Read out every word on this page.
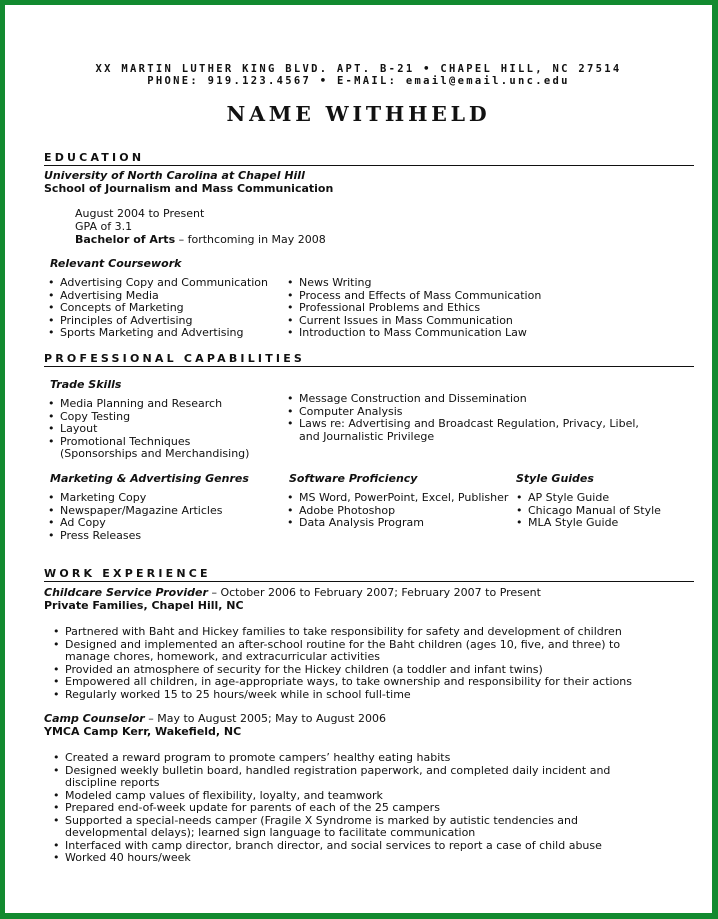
XX MARTIN LUTHER KING BLVD. APT. B-21 • CHAPEL HILL, NC 27514
PHONE: 919.123.4567 • E-MAIL: email@email.unc.edu
NAME WITHHELD
EDUCATION
University of North Carolina at Chapel Hill
School of Journalism and Mass Communication
August 2004 to Present
GPA of 3.1
Bachelor of Arts – forthcoming in May 2008
Relevant Coursework
• Advertising Copy and Communication
• Advertising Media
• Concepts of Marketing
• Principles of Advertising
• Sports Marketing and Advertising
• News Writing
• Process and Effects of Mass Communication
• Professional Problems and Ethics
• Current Issues in Mass Communication
• Introduction to Mass Communication Law
PROFESSIONAL CAPABILITIES
Trade Skills
• Media Planning and Research
• Copy Testing
• Layout
• Promotional Techniques (Sponsorships and Merchandising)
• Message Construction and Dissemination
• Computer Analysis
• Laws re: Advertising and Broadcast Regulation, Privacy, Libel, and Journalistic Privilege
Marketing & Advertising Genres	Software Proficiency	Style Guides
• Marketing Copy
• Newspaper/Magazine Articles
• Ad Copy
• Press Releases
• MS Word, PowerPoint, Excel, Publisher
• Adobe Photoshop
• Data Analysis Program
• AP Style Guide
• Chicago Manual of Style
• MLA Style Guide
WORK EXPERIENCE
Childcare Service Provider – October 2006 to February 2007; February 2007 to Present
Private Families, Chapel Hill, NC
• Partnered with Baht and Hickey families to take responsibility for safety and development of children
• Designed and implemented an after-school routine for the Baht children (ages 10, five, and three) to manage chores, homework, and extracurricular activities
• Provided an atmosphere of security for the Hickey children (a toddler and infant twins)
• Empowered all children, in age-appropriate ways, to take ownership and responsibility for their actions
• Regularly worked 15 to 25 hours/week while in school full-time
Camp Counselor – May to August 2005; May to August 2006
YMCA Camp Kerr, Wakefield, NC
• Created a reward program to promote campers’ healthy eating habits
• Designed weekly bulletin board, handled registration paperwork, and completed daily incident and discipline reports
• Modeled camp values of flexibility, loyalty, and teamwork
• Prepared end-of-week update for parents of each of the 25 campers
• Supported a special-needs camper (Fragile X Syndrome is marked by autistic tendencies and developmental delays); learned sign language to facilitate communication
• Interfaced with camp director, branch director, and social services to report a case of child abuse
• Worked 40 hours/week
